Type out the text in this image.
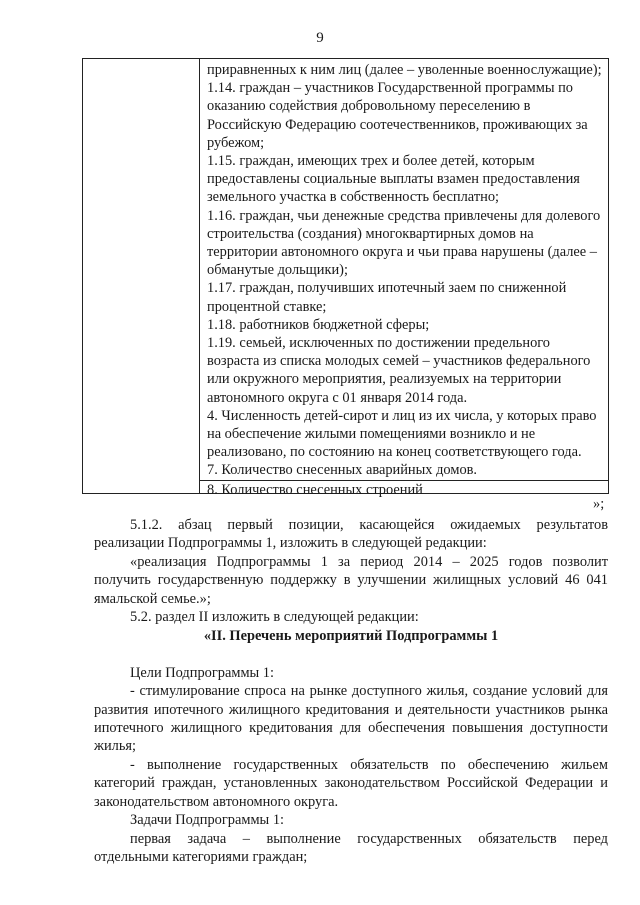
9

приравненных к ним лиц (далее – уволенные военнослужащие);

1.14. граждан – участников Государственной программы по оказанию содействия добровольному переселению в Российскую Федерацию соотечественников, проживающих за рубежом;

1.15. граждан, имеющих трех и более детей, которым предоставлены социальные выплаты взамен предоставления земельного участка в собственность бесплатно;

1.16. граждан, чьи денежные средства привлечены для долевого строительства (создания) многоквартирных домов на территории автономного округа и чьи права нарушены (далее – обманутые дольщики);

1.17. граждан, получивших ипотечный заем по сниженной процентной ставке;

1.18. работников бюджетной сферы;

1.19. семьей, исключенных по достижении предельного возраста из списка молодых семей – участников федерального или окружного мероприятия, реализуемых на территории автономного округа с 01 января 2014 года.

4. Численность детей-сирот и лиц из их числа, у которых право на обеспечение жилыми помещениями возникло и не реализовано, по состоянию на конец соответствующего года.

7. Количество снесенных аварийных домов.

8. Количество снесенных строений

»;

5.1.2. абзац первый позиции, касающейся ожидаемых результатов реализации Подпрограммы 1, изложить в следующей редакции:

«реализация Подпрограммы 1 за период 2014 – 2025 годов позволит получить государственную поддержку в улучшении жилищных условий 46 041 ямальской семье.»;

5.2. раздел II изложить в следующей редакции:

«II. Перечень мероприятий Подпрограммы 1

Цели Подпрограммы 1:

- стимулирование спроса на рынке доступного жилья, создание условий для развития ипотечного жилищного кредитования и деятельности участников рынка ипотечного жилищного кредитования для обеспечения повышения доступности жилья;

- выполнение государственных обязательств по обеспечению жильем категорий граждан, установленных законодательством Российской Федерации и законодательством автономного округа.

Задачи Подпрограммы 1:

первая задача – выполнение государственных обязательств перед отдельными категориями граждан;
